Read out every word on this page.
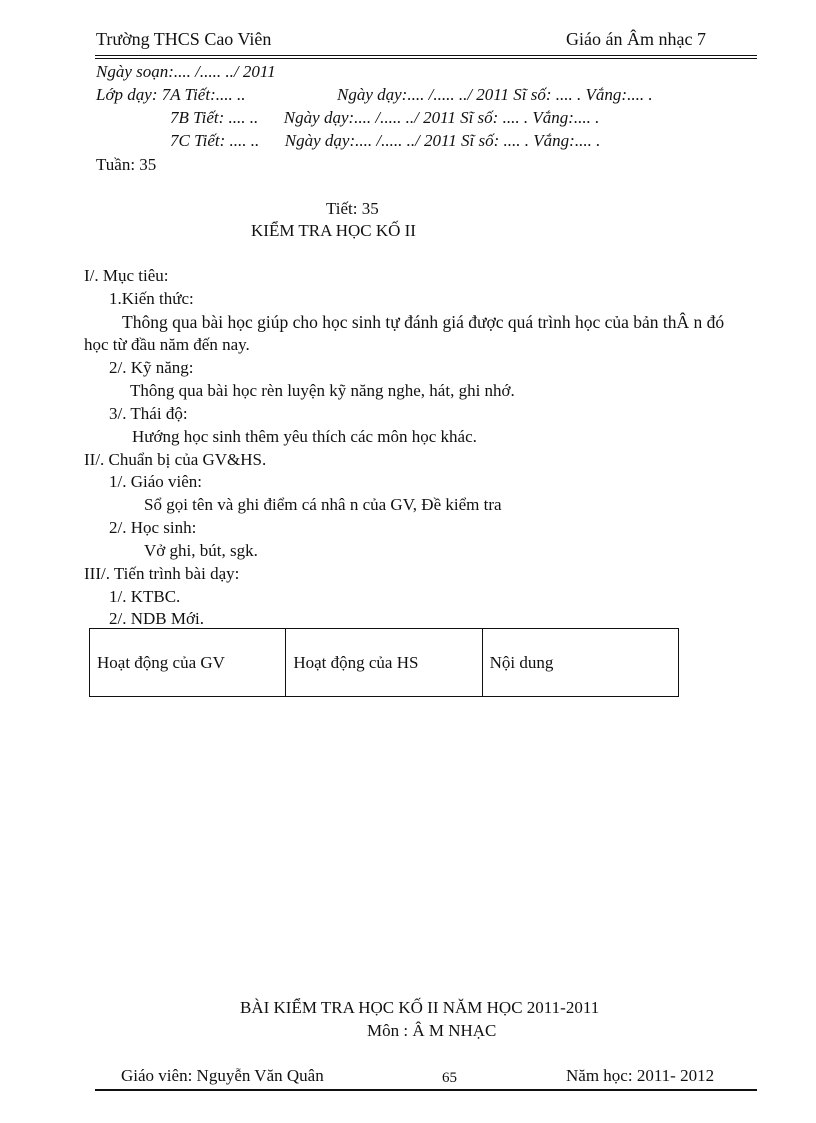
Trường THCS Cao Viên	Giáo án Âm nhạc 7
Ngày soạn:.... /..... ../ 2011
Lớp dạy: 7A Tiết:.... ..	Ngày dạy:.... /..... ../ 2011 Sĩ số: .... . Vắng:.... .
7B Tiết: .... ..      Ngày dạy:.... /..... ../ 2011 Sĩ số: .... . Vắng:.... .
7C Tiết: .... ..      Ngày dạy:.... /..... ../ 2011 Sĩ số: .... . Vắng:.... .
Tuần: 35
Tiết: 35
KIỂM TRA HỌC KỐ II
I/. Mục tiêu:
1.Kiến thức:
Thông qua bài học giúp cho học sinh tự đánh giá được quá trình học của bản thÂ n đó
học từ đầu năm đến nay.
2/. Kỹ năng:
Thông qua bài học rèn luyện kỹ năng nghe, hát, ghi nhớ.
3/. Thái độ:
Hướng học sinh thêm yêu thích các môn học khác.
II/. Chuẩn bị của GV&HS.
1/. Giáo viên:
Sổ gọi tên và ghi điểm cá nhâ n của GV, Đề kiểm tra
2/. Học sinh:
Vở ghi, bút, sgk.
III/. Tiến trình bài dạy:
1/. KTBC.
2/. NDB Mới.
Hoạt động của GV	Hoạt động của HS	Nội dung
BÀI KIỂM TRA HỌC KỐ II NĂM HỌC 2011-2011
Môn : Â M NHẠC
Giáo viên: Nguyễn Văn Quân	65	Năm học: 2011- 2012
